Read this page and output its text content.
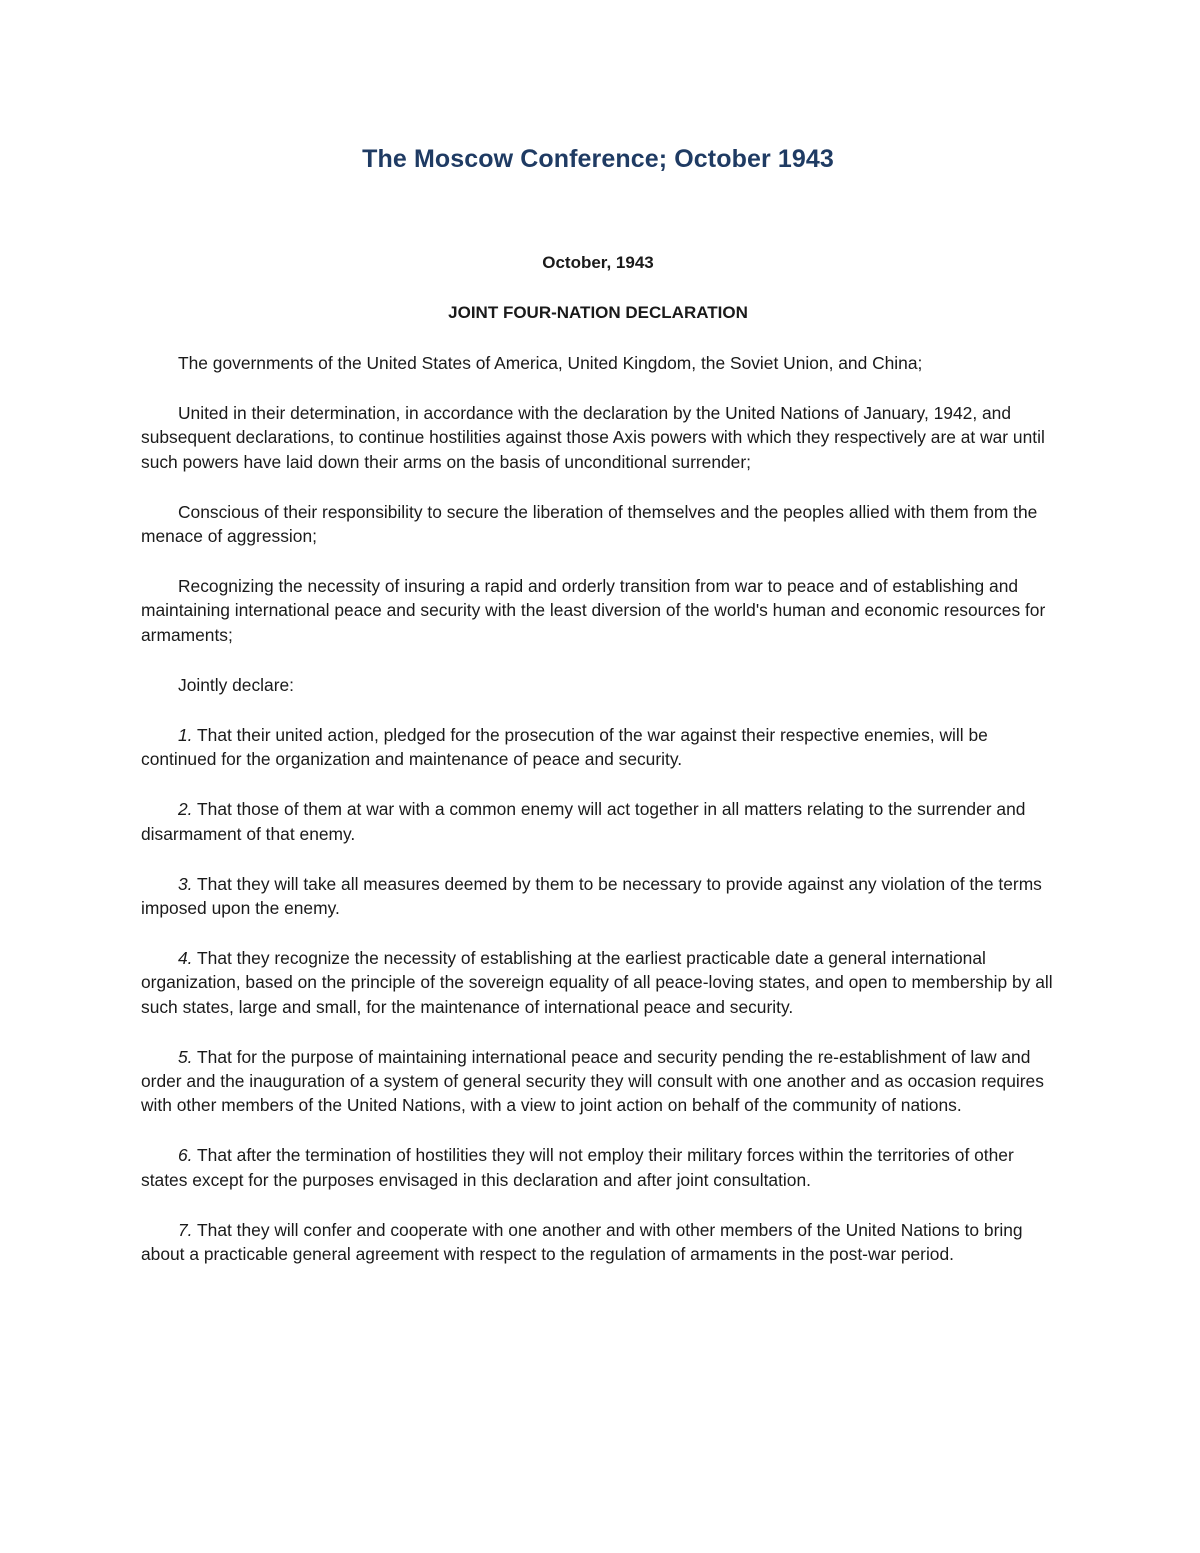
The Moscow Conference; October 1943

October, 1943

JOINT FOUR-NATION DECLARATION

The governments of the United States of America, United Kingdom, the Soviet Union, and China;

United in their determination, in accordance with the declaration by the United Nations of January, 1942, and subsequent declarations, to continue hostilities against those Axis powers with which they respectively are at war until such powers have laid down their arms on the basis of unconditional surrender;

Conscious of their responsibility to secure the liberation of themselves and the peoples allied with them from the menace of aggression;

Recognizing the necessity of insuring a rapid and orderly transition from war to peace and of establishing and maintaining international peace and security with the least diversion of the world's human and economic resources for armaments;

Jointly declare:

1. That their united action, pledged for the prosecution of the war against their respective enemies, will be continued for the organization and maintenance of peace and security.

2. That those of them at war with a common enemy will act together in all matters relating to the surrender and disarmament of that enemy.

3. That they will take all measures deemed by them to be necessary to provide against any violation of the terms imposed upon the enemy.

4. That they recognize the necessity of establishing at the earliest practicable date a general international organization, based on the principle of the sovereign equality of all peace-loving states, and open to membership by all such states, large and small, for the maintenance of international peace and security.

5. That for the purpose of maintaining international peace and security pending the re-establishment of law and order and the inauguration of a system of general security they will consult with one another and as occasion requires with other members of the United Nations, with a view to joint action on behalf of the community of nations.

6. That after the termination of hostilities they will not employ their military forces within the territories of other states except for the purposes envisaged in this declaration and after joint consultation.

7. That they will confer and cooperate with one another and with other members of the United Nations to bring about a practicable general agreement with respect to the regulation of armaments in the post-war period.
